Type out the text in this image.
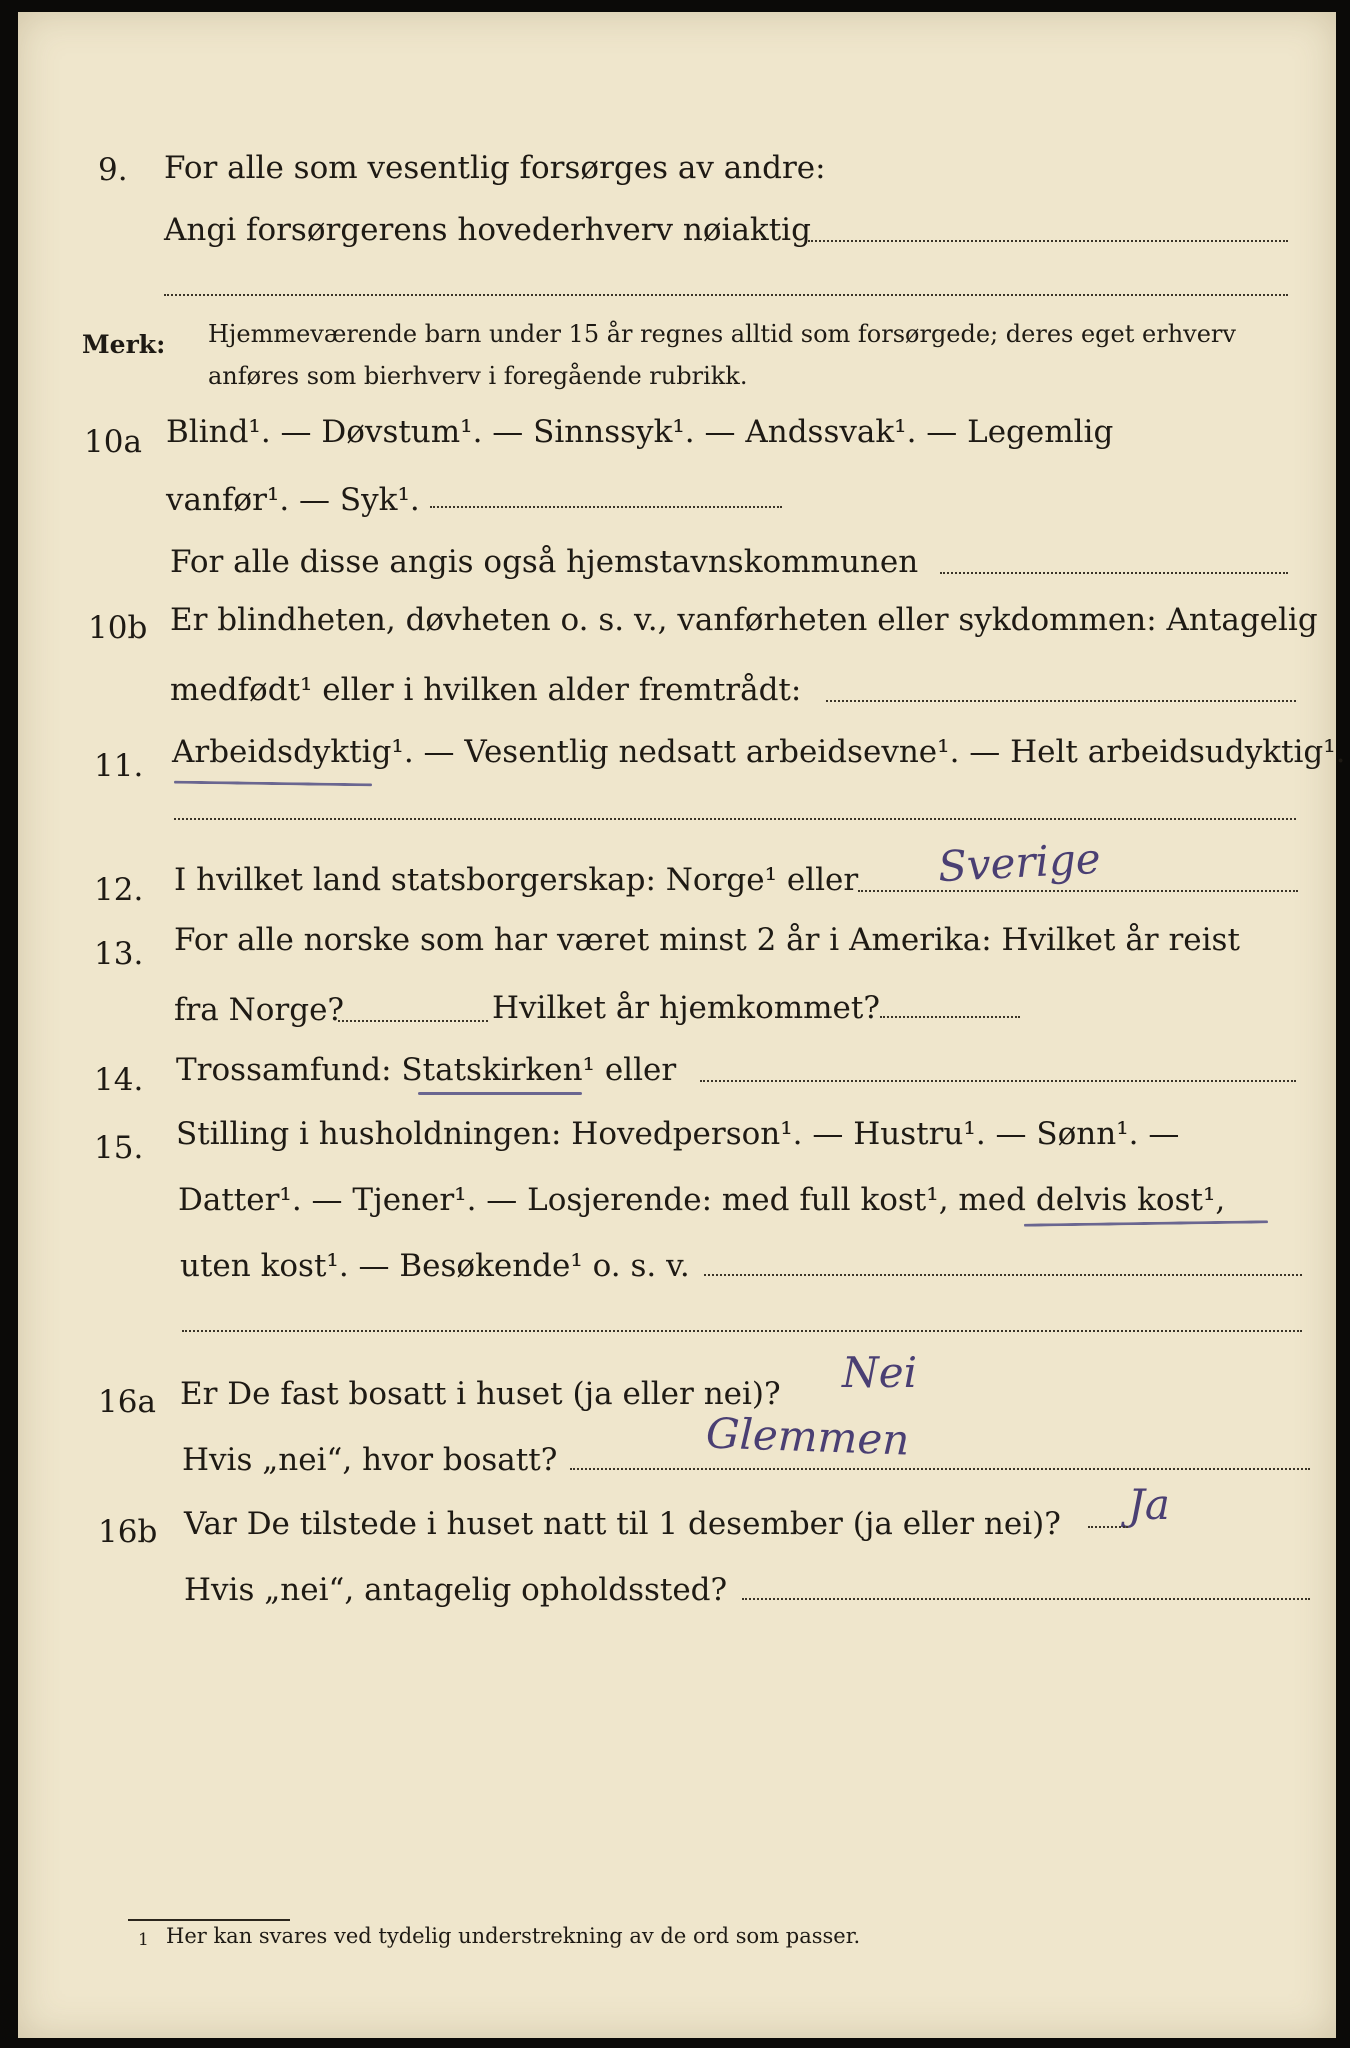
9. For alle som vesentlig forsørges av andre:
Angi forsørgerens hovederhverv nøiaktig
Merk: Hjemmeværende barn under 15 år regnes alltid som forsørgede; deres eget erhverv
anføres som bierhverv i foregående rubrikk.
10a Blind¹. — Døvstum¹. — Sinnssyk¹. — Andssvak¹. — Legemlig
vanfør¹. — Syk¹.
For alle disse angis også hjemstavnskommunen
10b Er blindheten, døvheten o. s. v., vanførheten eller sykdommen: Antagelig
medfødt¹ eller i hvilken alder fremtrådt:
11. Arbeidsdyktig¹. — Vesentlig nedsatt arbeidsevne¹. — Helt arbeidsudyktig¹.
12. I hvilket land statsborgerskap: Norge¹ eller Sverige
13. For alle norske som har været minst 2 år i Amerika: Hvilket år reist
fra Norge?	Hvilket år hjemkommet?
14. Trossamfund: Statskirken¹ eller
15. Stilling i husholdningen: Hovedperson¹. — Hustru¹. — Sønn¹. —
Datter¹. — Tjener¹. — Losjerende: med full kost¹, med delvis kost¹,
uten kost¹. — Besøkende¹ o. s. v.
16a Er De fast bosatt i huset (ja eller nei)? Nei
Hvis „nei“, hvor bosatt?	Glemmen
16b Var De tilstede i huset natt til 1 desember (ja eller nei)? Ja
Hvis „nei“, antagelig opholdssted?
1 Her kan svares ved tydelig understrekning av de ord som passer.
